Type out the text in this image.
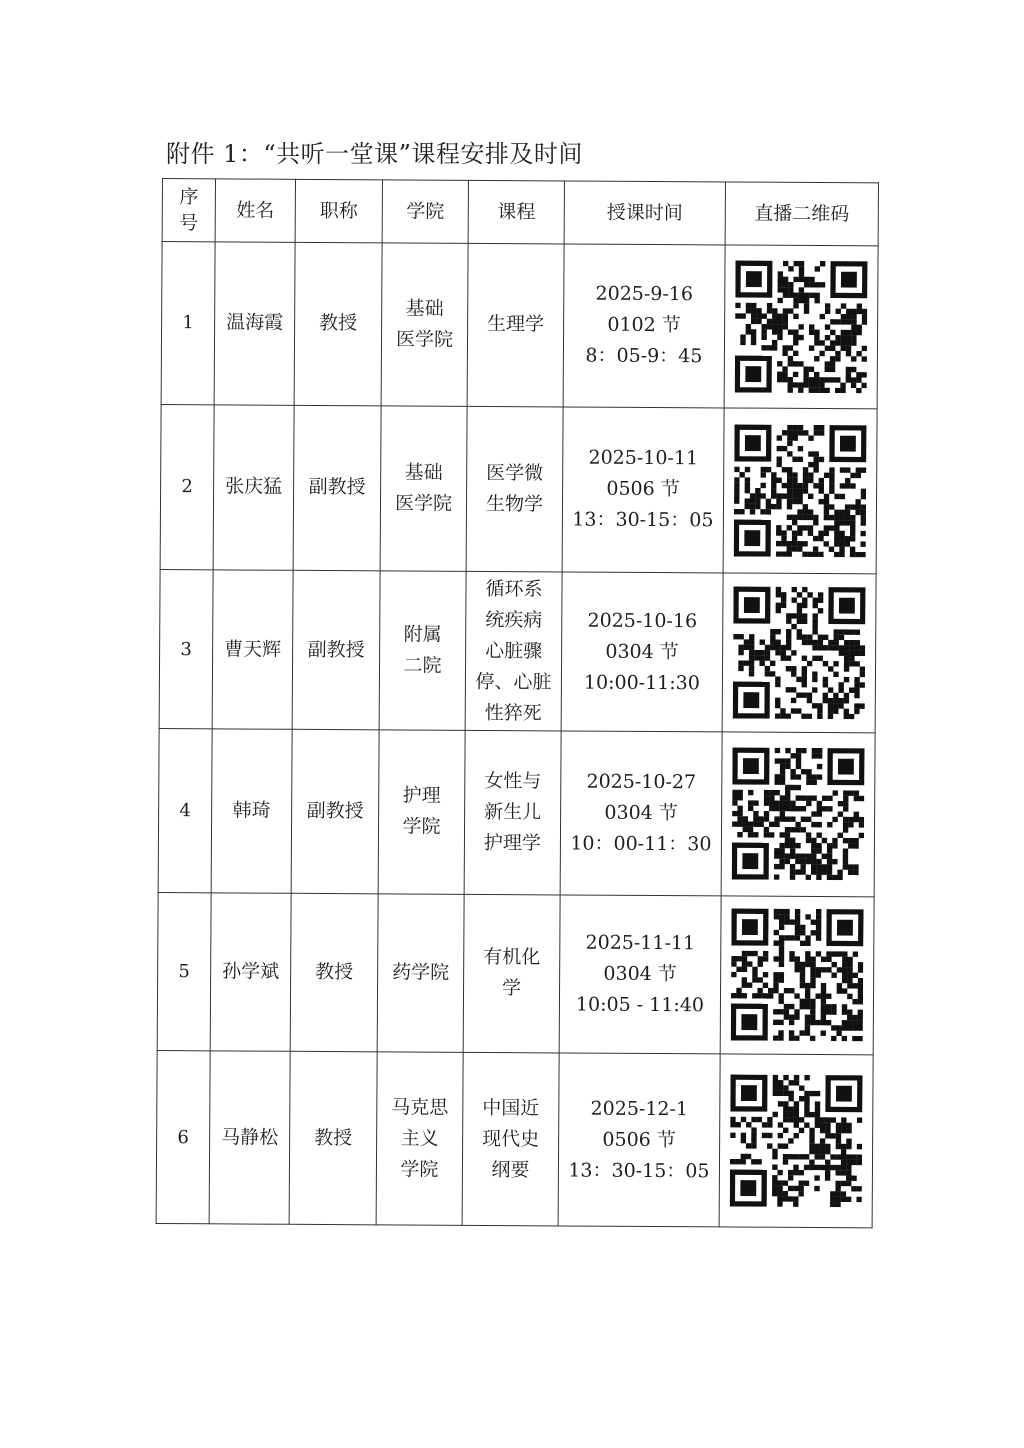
附件 1：“共听一堂课”课程安排及时间
序
号	姓名	职称	学院	课程	授课时间	直播二维码
1	温海霞	教授	基础
医学院	生理学	2025-9-16
0102 节
8：05-9：45

2	张庆猛	副教授	基础
医学院	医学微
生物学	2025-10-11
0506 节
13：30-15：05

3	曹天辉	副教授	附属
二院	循环系
统疾病
心脏骤
停、心脏
性猝死	2025-10-16
0304 节
10:00-11:30

4	韩琦	副教授	护理
学院	女性与
新生儿
护理学	2025-10-27
0304 节
10：00-11：30

5	孙学斌	教授	药学院	有机化
学	2025-11-11
0304 节
10:05 - 11:40

6	马静松	教授	马克思
主义
学院	中国近
现代史
纲要	2025-12-1
0506 节
13：30-15：05
